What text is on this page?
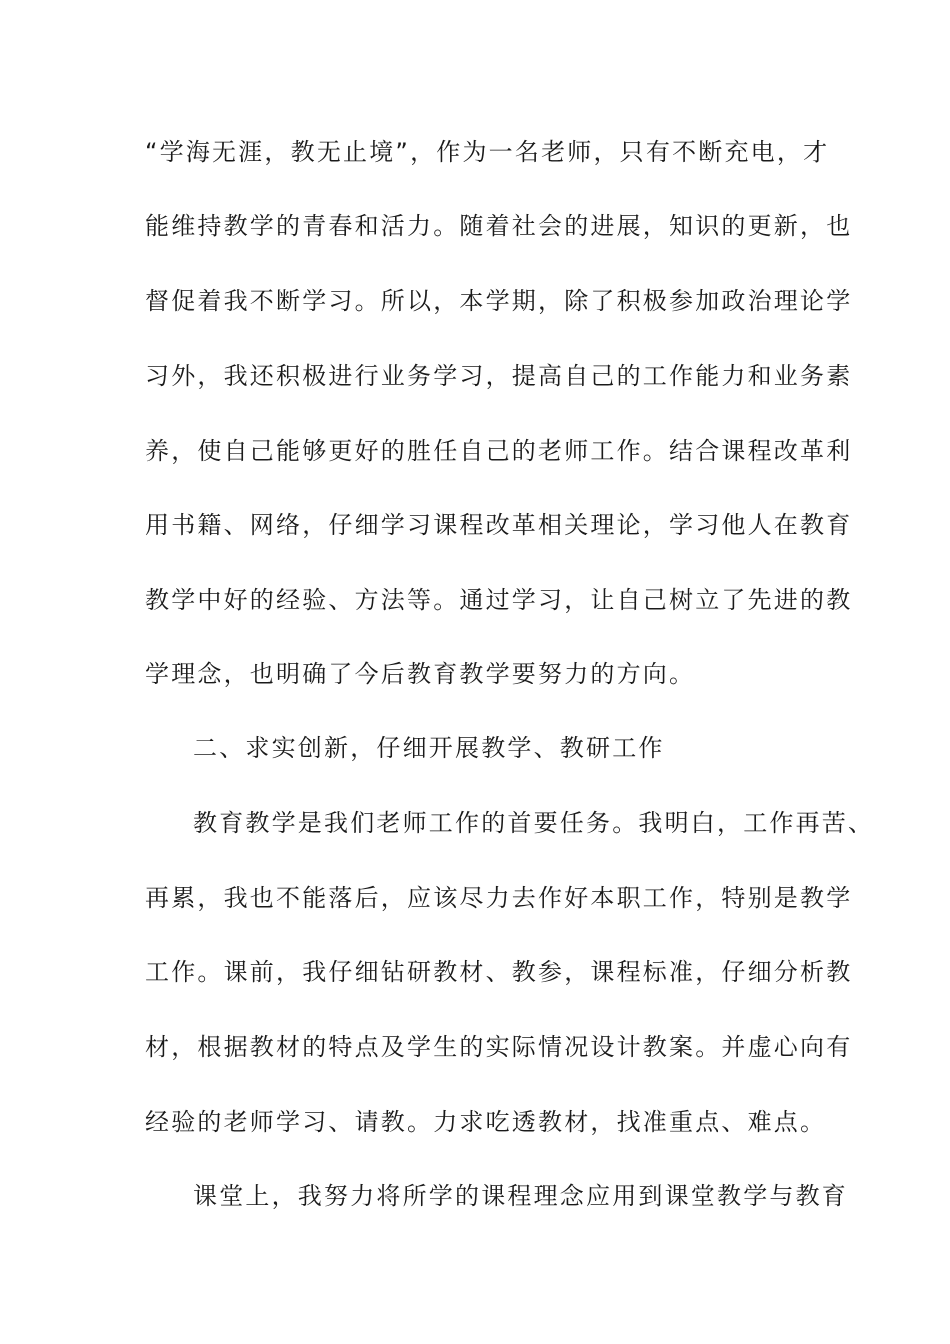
“学海无涯，教无止境”，作为一名老师，只有不断充电，才

能维持教学的青春和活力。随着社会的进展，知识的更新，也

督促着我不断学习。所以，本学期，除了积极参加政治理论学

习外，我还积极进行业务学习，提高自己的工作能力和业务素

养，使自己能够更好的胜任自己的老师工作。结合课程改革利

用书籍、网络，仔细学习课程改革相关理论，学习他人在教育

教学中好的经验、方法等。通过学习，让自己树立了先进的教

学理念，也明确了今后教育教学要努力的方向。

二、求实创新，仔细开展教学、教研工作

教育教学是我们老师工作的首要任务。我明白，工作再苦、

再累，我也不能落后，应该尽力去作好本职工作，特别是教学

工作。课前，我仔细钻研教材、教参，课程标准，仔细分析教

材，根据教材的特点及学生的实际情况设计教案。并虚心向有

经验的老师学习、请教。力求吃透教材，找准重点、难点。

课堂上，我努力将所学的课程理念应用到课堂教学与教育
